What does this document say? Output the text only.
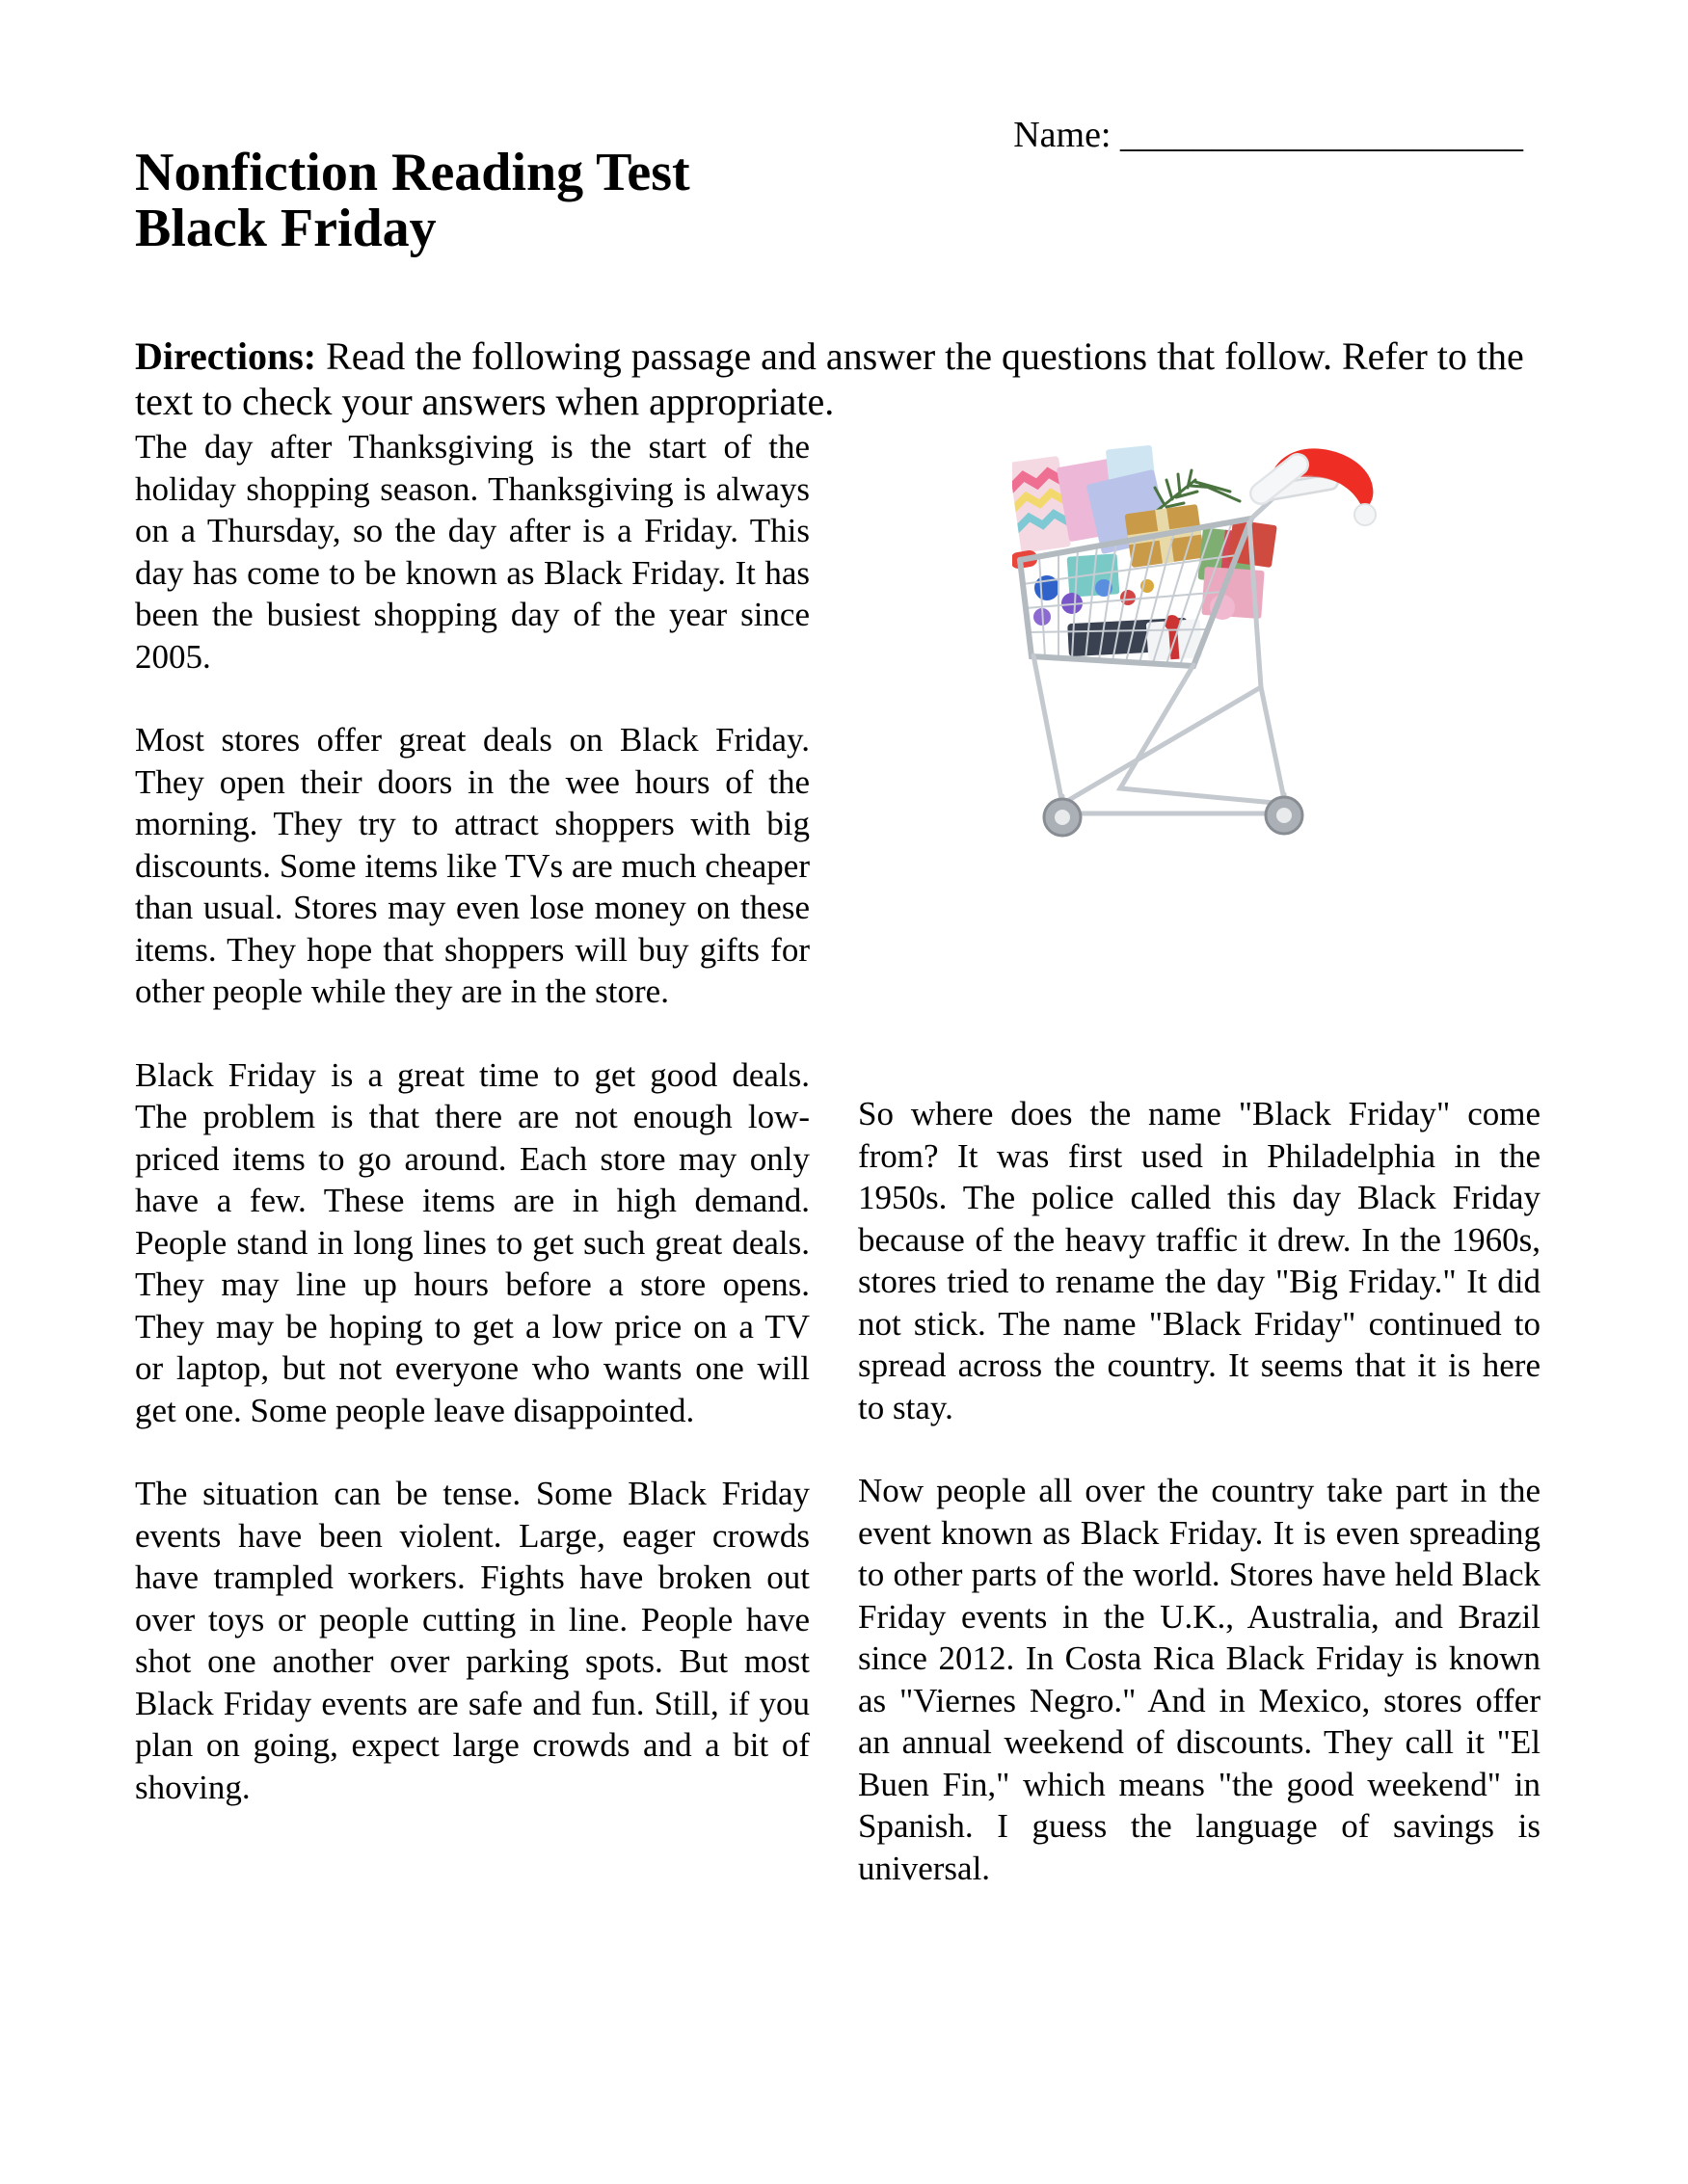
Name: ______________________
Nonfiction Reading Test
Black Friday

Directions: Read the following passage and answer the questions that follow. Refer to the text to check your answers when appropriate.

The day after Thanksgiving is the start of the holiday shopping season. Thanksgiving is always on a Thursday, so the day after is a Friday. This day has come to be known as Black Friday. It has been the busiest shopping day of the year since 2005.

Most stores offer great deals on Black Friday. They open their doors in the wee hours of the morning. They try to attract shoppers with big discounts. Some items like TVs are much cheaper than usual. Stores may even lose money on these items. They hope that shoppers will buy gifts for other people while they are in the store.

Black Friday is a great time to get good deals. The problem is that there are not enough low-priced items to go around. Each store may only have a few. These items are in high demand. People stand in long lines to get such great deals. They may line up hours before a store opens. They may be hoping to get a low price on a TV or laptop, but not everyone who wants one will get one. Some people leave disappointed.

The situation can be tense. Some Black Friday events have been violent. Large, eager crowds have trampled workers. Fights have broken out over toys or people cutting in line. People have shot one another over parking spots. But most Black Friday events are safe and fun. Still, if you plan on going, expect large crowds and a bit of shoving.

So where does the name "Black Friday" come from? It was first used in Philadelphia in the 1950s. The police called this day Black Friday because of the heavy traffic it drew. In the 1960s, stores tried to rename the day "Big Friday." It did not stick. The name "Black Friday" continued to spread across the country. It seems that it is here to stay.

Now people all over the country take part in the event known as Black Friday. It is even spreading to other parts of the world. Stores have held Black Friday events in the U.K., Australia, and Brazil since 2012. In Costa Rica Black Friday is known as "Viernes Negro." And in Mexico, stores offer an annual weekend of discounts. They call it "El Buen Fin," which means "the good weekend" in Spanish. I guess the language of savings is universal.
